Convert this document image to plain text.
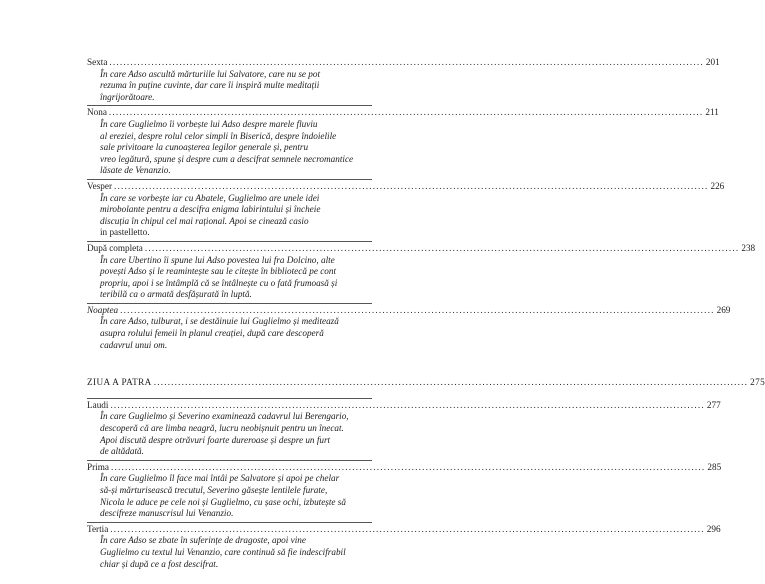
Sexta .......................................................................................................................................................................... 201
În care Adso ascultă mărturiile lui Salvatore, care nu se pot
rezuma în puține cuvinte, dar care îi inspiră multe meditații
îngrijorătoare.
Nona .......................................................................................................................................................................... 211
În care Guglielmo îi vorbește lui Adso despre marele fluviu
al ereziei, despre rolul celor simpli în Biserică, despre îndoielile
sale privitoare la cunoașterea legilor generale și, pentru
vreo legătură, spune și despre cum a descifrat semnele necromantice
lăsate de Venanzio.
Vesper .......................................................................................................................................................................... 226
În care se vorbește iar cu Abatele, Guglielmo are unele idei
mirobolante pentru a descifra enigma labirintului și încheie
discuția în chipul cel mai rațional. Apoi se cinează casio
in pastelletto.
După completa .......................................................................................................................................................................... 238
În care Ubertino îi spune lui Adso povestea lui fra Dolcino, alte
povești Adso și le reamintește sau le citește în bibliotecă pe cont
propriu, apoi i se întâmplă că se întâlnește cu o fată frumoasă și
teribilă ca o armată desfășurată în luptă.
Noaptea .......................................................................................................................................................................... 269
În care Adso, tulburat, i se destăinuie lui Guglielmo și meditează
asupra rolului femeii în planul creației, după care descoperă
cadavrul unui om.
ZIUA A PATRA .......................................................................................................................................................................... 275
Laudi .......................................................................................................................................................................... 277
În care Guglielmo și Severino examinează cadavrul lui Berengario,
descoperă că are limba neagră, lucru neobișnuit pentru un înecat.
Apoi discută despre otrăvuri foarte dureroase și despre un furt
de altădată.
Prima .......................................................................................................................................................................... 285
În care Guglielmo îl face mai întâi pe Salvatore și apoi pe chelar
să-și mărturisească trecutul, Severino găsește lentilele furate,
Nicola le aduce pe cele noi și Guglielmo, cu șase ochi, izbutește să
descifreze manuscrisul lui Venanzio.
Tertia .......................................................................................................................................................................... 296
În care Adso se zbate în suferințe de dragoste, apoi vine
Guglielmo cu textul lui Venanzio, care continuă să fie indescifrabil
chiar și după ce a fost descifrat.
